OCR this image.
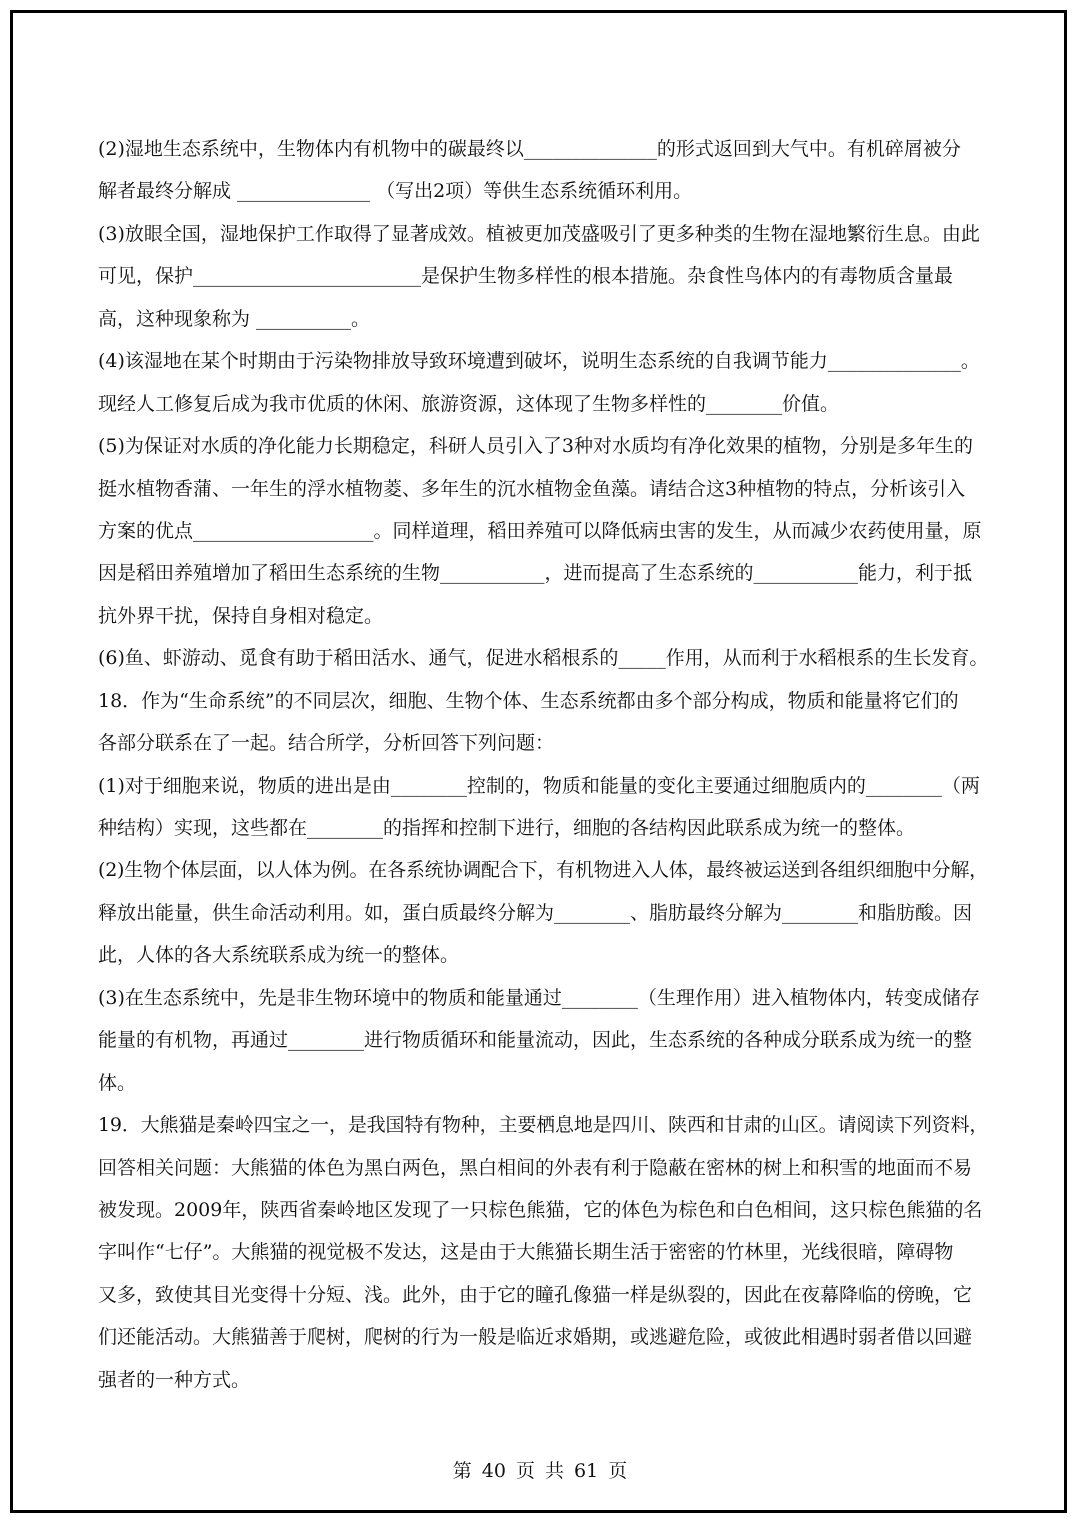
(2)湿地生态系统中，生物体内有机物中的碳最终以______________的形式返回到大气中。有机碎屑被分
解者最终分解成 ______________ （写出2项）等供生态系统循环利用。
(3)放眼全国，湿地保护工作取得了显著成效。植被更加茂盛吸引了更多种类的生物在湿地繁衍生息。由此
可见，保护________________________是保护生物多样性的根本措施。杂食性鸟体内的有毒物质含量最
高，这种现象称为 __________。
(4)该湿地在某个时期由于污染物排放导致环境遭到破坏，说明生态系统的自我调节能力______________。
现经人工修复后成为我市优质的休闲、旅游资源，这体现了生物多样性的________价值。
(5)为保证对水质的净化能力长期稳定，科研人员引入了3种对水质均有净化效果的植物，分别是多年生的
挺水植物香蒲、一年生的浮水植物菱、多年生的沉水植物金鱼藻。请结合这3种植物的特点，分析该引入
方案的优点___________________。同样道理，稻田养殖可以降低病虫害的发生，从而减少农药使用量，原
因是稻田养殖增加了稻田生态系统的生物___________，进而提高了生态系统的___________能力，利于抵
抗外界干扰，保持自身相对稳定。
(6)鱼、虾游动、觅食有助于稻田活水、通气，促进水稻根系的_____作用，从而利于水稻根系的生长发育。
18．作为“生命系统”的不同层次，细胞、生物个体、生态系统都由多个部分构成，物质和能量将它们的
各部分联系在了一起。结合所学，分析回答下列问题：
(1)对于细胞来说，物质的进出是由________控制的，物质和能量的变化主要通过细胞质内的________（两
种结构）实现，这些都在________的指挥和控制下进行，细胞的各结构因此联系成为统一的整体。
(2)生物个体层面，以人体为例。在各系统协调配合下，有机物进入人体，最终被运送到各组织细胞中分解，
释放出能量，供生命活动利用。如，蛋白质最终分解为________、脂肪最终分解为________和脂肪酸。因
此，人体的各大系统联系成为统一的整体。
(3)在生态系统中，先是非生物环境中的物质和能量通过________（生理作用）进入植物体内，转变成储存
能量的有机物，再通过________进行物质循环和能量流动，因此，生态系统的各种成分联系成为统一的整
体。
19．大熊猫是秦岭四宝之一，是我国特有物种，主要栖息地是四川、陕西和甘肃的山区。请阅读下列资料，
回答相关问题：大熊猫的体色为黑白两色，黑白相间的外表有利于隐蔽在密林的树上和积雪的地面而不易
被发现。2009年，陕西省秦岭地区发现了一只棕色熊猫，它的体色为棕色和白色相间，这只棕色熊猫的名
字叫作“七仔”。大熊猫的视觉极不发达，这是由于大熊猫长期生活于密密的竹林里，光线很暗，障碍物
又多，致使其目光变得十分短、浅。此外，由于它的瞳孔像猫一样是纵裂的，因此在夜幕降临的傍晚，它
们还能活动。大熊猫善于爬树，爬树的行为一般是临近求婚期，或逃避危险，或彼此相遇时弱者借以回避
强者的一种方式。
第 40 页 共 61 页
